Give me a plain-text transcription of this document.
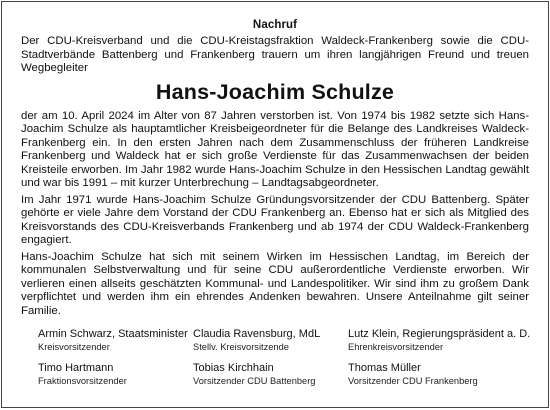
Nachruf

Der CDU-Kreisverband und die CDU-Kreistagsfraktion Waldeck-Frankenberg sowie die CDU-Stadtverbände Battenberg und Frankenberg trauern um ihren langjährigen Freund und treuen Wegbegleiter

Hans-Joachim Schulze

der am 10. April 2024 im Alter von 87 Jahren verstorben ist. Von 1974 bis 1982 setzte sich Hans-Joachim Schulze als hauptamtlicher Kreisbeigeordneter für die Belange des Landkreises Waldeck-Frankenberg ein. In den ersten Jahren nach dem Zusammenschluss der früheren Landkreise Frankenberg und Waldeck hat er sich große Verdienste für das Zusammenwachsen der beiden Kreisteile erworben. Im Jahr 1982 wurde Hans-Joachim Schulze in den Hessischen Landtag gewählt und war bis 1991 – mit kurzer Unterbrechung – Landtagsabgeordneter.

Im Jahr 1971 wurde Hans-Joachim Schulze Gründungsvorsitzender der CDU Battenberg. Später gehörte er viele Jahre dem Vorstand der CDU Frankenberg an. Ebenso hat er sich als Mitglied des Kreisvorstands des CDU-Kreisverbands Frankenberg und ab 1974 der CDU Waldeck-Frankenberg engagiert.

Hans-Joachim Schulze hat sich mit seinem Wirken im Hessischen Landtag, im Bereich der kommunalen Selbstverwaltung und für seine CDU außerordentliche Verdienste erworben. Wir verlieren einen allseits geschätzten Kommunal- und Landespolitiker. Wir sind ihm zu großem Dank verpflichtet und werden ihm ein ehrendes Andenken bewahren. Unsere Anteilnahme gilt seiner Familie.

Armin Schwarz, Staatsminister
Kreisvorsitzender
Claudia Ravensburg, MdL
Stellv. Kreisvorsitzende
Lutz Klein, Regierungspräsident a. D.
Ehrenkreisvorsitzender
Timo Hartmann
Fraktionsvorsitzender
Tobias Kirchhain
Vorsitzender CDU Battenberg
Thomas Müller
Vorsitzender CDU Frankenberg
